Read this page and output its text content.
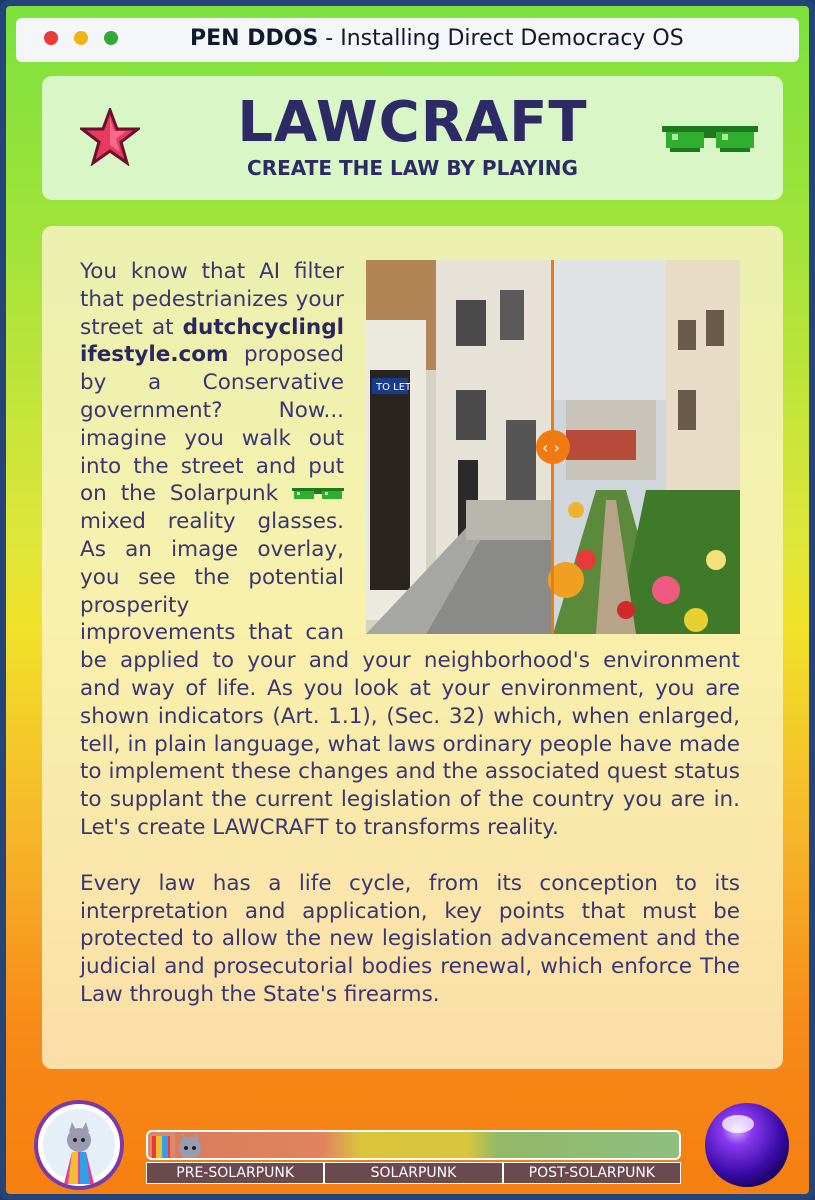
PEN DDOS - Installing Direct Democracy OS
LAWCRAFT
CREATE THE LAW BY PLAYING
TO LET
‹ ›

You know that AI filter that pedestrianizes your street at dutchcyclinglifestyle.com proposed by a Conservative government? Now... imagine you walk out into the street and put on the Solarpunk  mixed reality glasses. As an image overlay, you see the potential prosperity improvements that can be applied to your and your neighborhood's environment and way of life. As you look at your environment, you are shown indicators (Art. 1.1), (Sec. 32) which, when enlarged, tell, in plain language, what laws ordinary people have made to implement these changes and the associated quest status to supplant the current legislation of the country you are in. Let's create LAWCRAFT to transforms reality.

Every law has a life cycle, from its conception to its interpretation and application, key points that must be protected to allow the new legislation advancement and the judicial and prosecutorial bodies renewal, which enforce The Law through the State's firearms.

PRE-SOLARPUNK	SOLARPUNK	POST-SOLARPUNK
